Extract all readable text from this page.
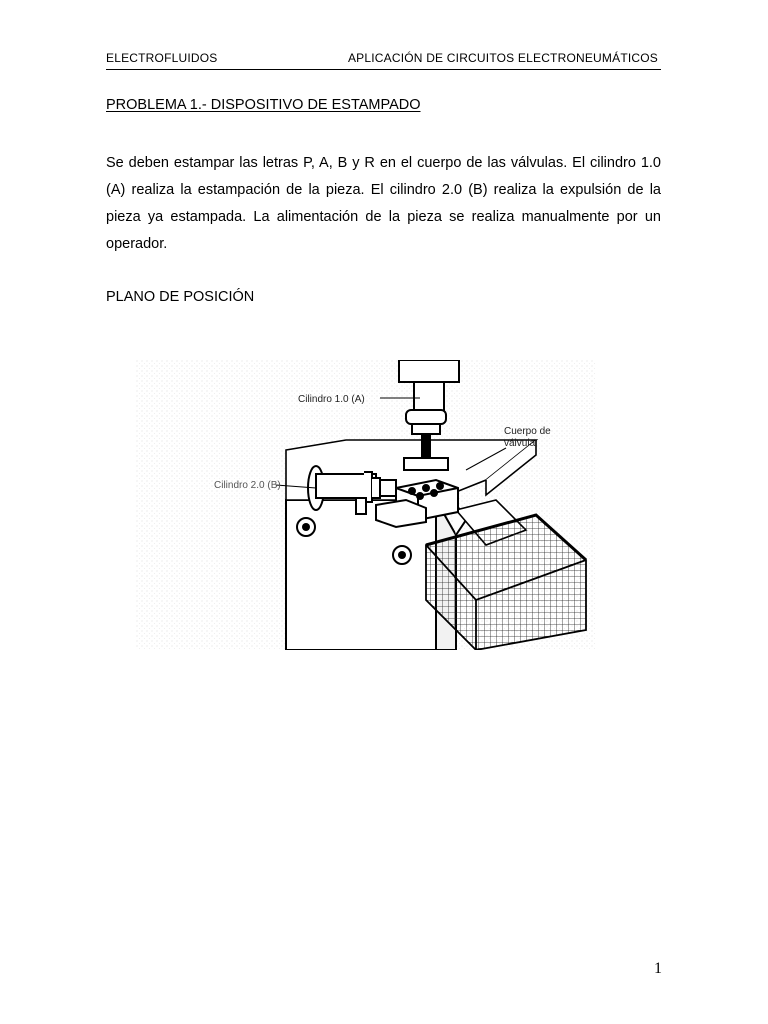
ELECTROFLUIDOS	APLICACIÓN DE CIRCUITOS ELECTRONEUMÁTICOS
PROBLEMA 1.- DISPOSITIVO DE ESTAMPADO
Se deben estampar las letras P, A, B y R en el cuerpo de las válvulas. El cilindro 1.0 (A) realiza la estampación de la pieza. El cilindro 2.0 (B) realiza la expulsión de la pieza ya estampada. La alimentación de la pieza se realiza manualmente por un operador.
PLANO DE POSICIÓN
Cilindro 1.0 (A)
Cuerpo de
válvula
Cilindro 2.0 (B)
1
